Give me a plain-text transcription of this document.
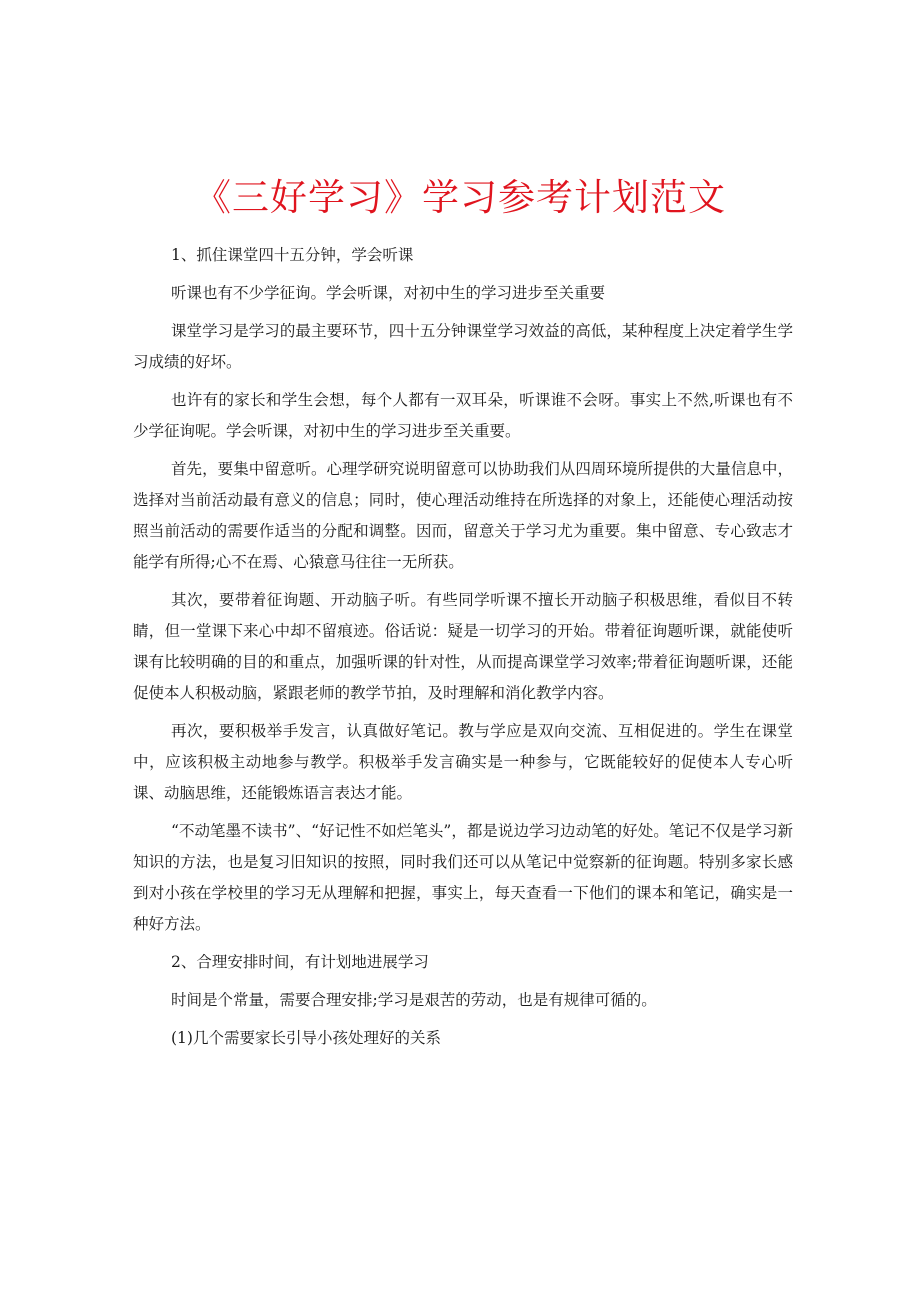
《三好学习》学习参考计划范文

1、抓住课堂四十五分钟，学会听课

听课也有不少学征询。学会听课，对初中生的学习进步至关重要

课堂学习是学习的最主要环节，四十五分钟课堂学习效益的高低，某种程度上决定着学生学习成绩的好坏。

也许有的家长和学生会想，每个人都有一双耳朵，听课谁不会呀。事实上不然,听课也有不少学征询呢。学会听课，对初中生的学习进步至关重要。

首先，要集中留意听。心理学研究说明留意可以协助我们从四周环境所提供的大量信息中，选择对当前活动最有意义的信息；同时，使心理活动维持在所选择的对象上，还能使心理活动按照当前活动的需要作适当的分配和调整。因而，留意关于学习尤为重要。集中留意、专心致志才能学有所得;心不在焉、心猿意马往往一无所获。

其次，要带着征询题、开动脑子听。有些同学听课不擅长开动脑子积极思维，看似目不转睛，但一堂课下来心中却不留痕迹。俗话说：疑是一切学习的开始。带着征询题听课，就能使听课有比较明确的目的和重点，加强听课的针对性，从而提高课堂学习效率;带着征询题听课，还能促使本人积极动脑，紧跟老师的教学节拍，及时理解和消化教学内容。

再次，要积极举手发言，认真做好笔记。教与学应是双向交流、互相促进的。学生在课堂中，应该积极主动地参与教学。积极举手发言确实是一种参与，它既能较好的促使本人专心听课、动脑思维，还能锻炼语言表达才能。

“不动笔墨不读书”、“好记性不如烂笔头”，都是说边学习边动笔的好处。笔记不仅是学习新知识的方法，也是复习旧知识的按照，同时我们还可以从笔记中觉察新的征询题。特别多家长感到对小孩在学校里的学习无从理解和把握，事实上，每天查看一下他们的课本和笔记，确实是一种好方法。

2、合理安排时间，有计划地进展学习

时间是个常量，需要合理安排;学习是艰苦的劳动，也是有规律可循的。

(1)几个需要家长引导小孩处理好的关系
